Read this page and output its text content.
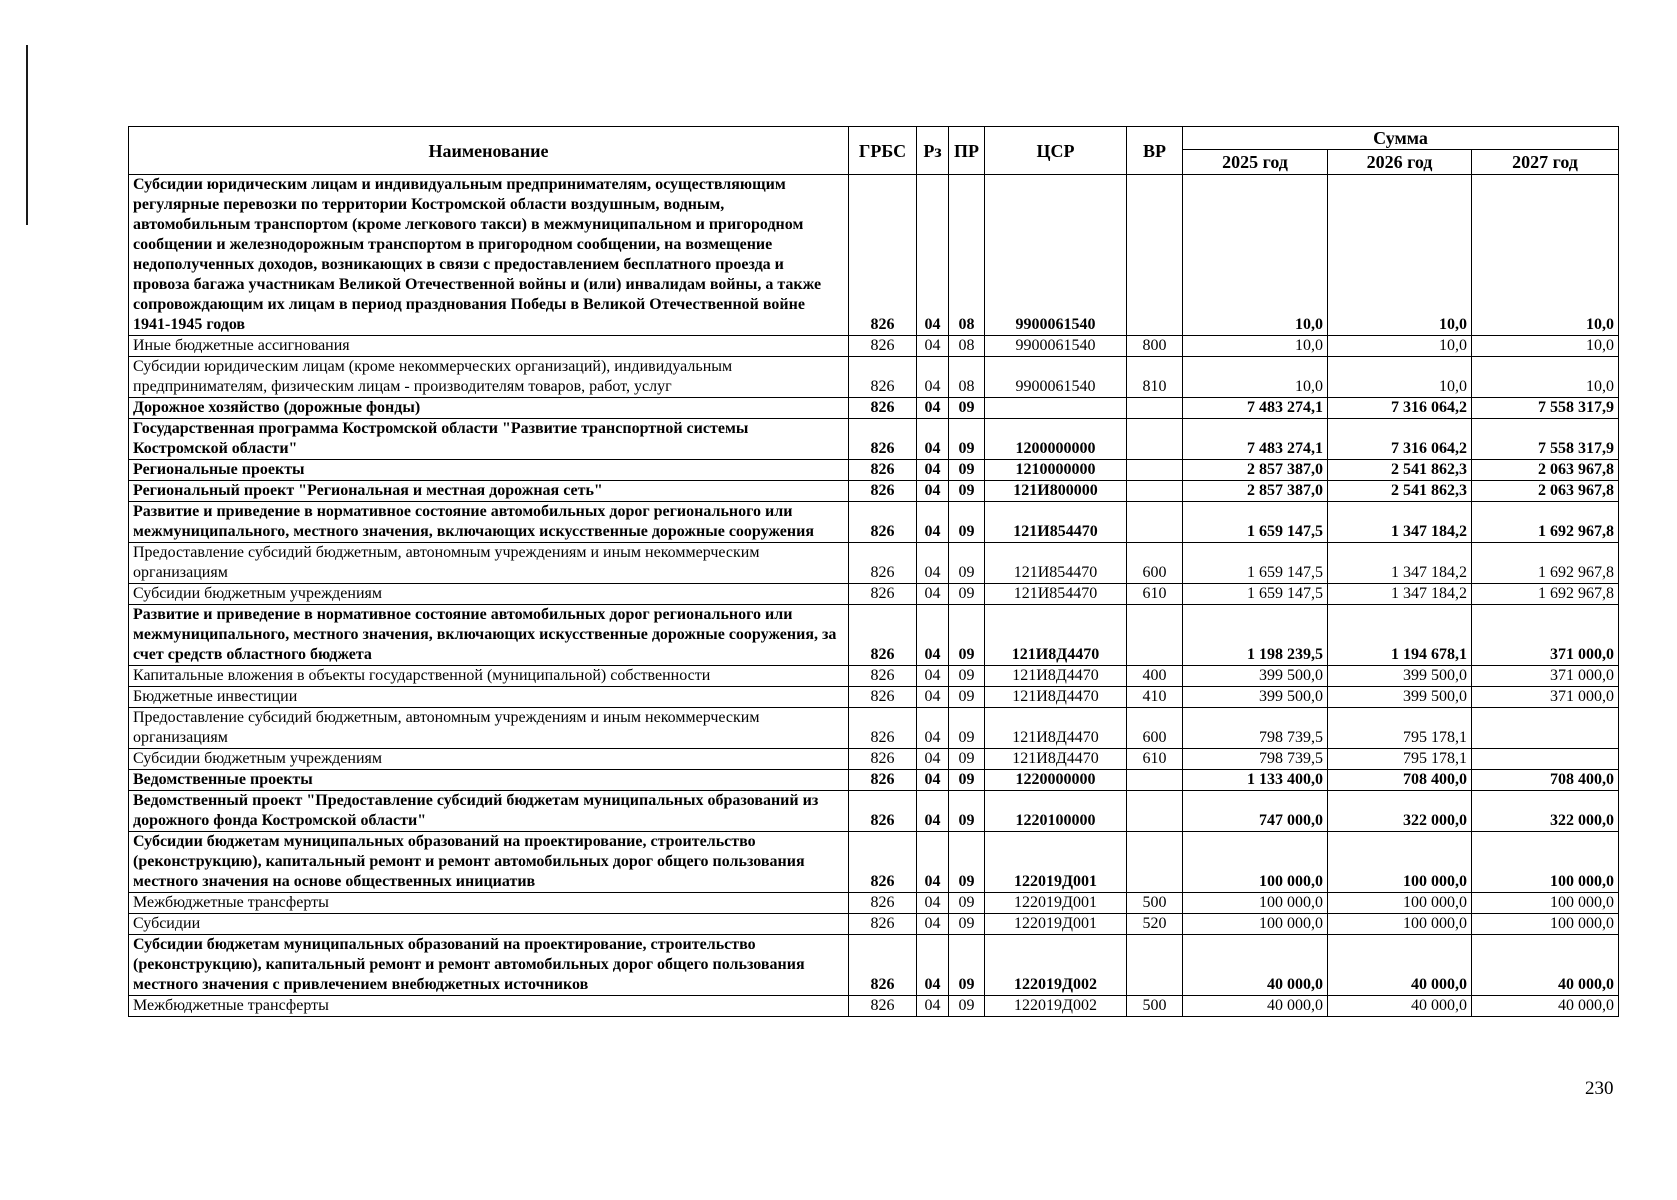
Наименование	ГРБС	Рз	ПР	ЦСР	ВР	Сумма		
						2025 год	2026 год	2027 год
Субсидии юридическим лицам и индивидуальным предпринимателям, осуществляющим регулярные перевозки по территории Костромской области воздушным, водным, автомобильным транспортом (кроме легкового такси) в межмуниципальном и пригородном сообщении и железнодорожным транспортом в пригородном сообщении, на возмещение недополученных доходов, возникающих в связи с предоставлением бесплатного проезда и провоза багажа участникам Великой Отечественной войны и (или) инвалидам войны, а также сопровождающим их лицам в период празднования Победы в Великой Отечественной войне 1941-1945 годов	826	04	08	9900061540		10,0	10,0	10,0
Иные бюджетные ассигнования	826	04	08	9900061540	800	10,0	10,0	10,0
Субсидии юридическим лицам (кроме некоммерческих организаций), индивидуальным предпринимателям, физическим лицам - производителям товаров, работ, услуг	826	04	08	9900061540	810	10,0	10,0	10,0
Дорожное хозяйство (дорожные фонды)	826	04	09			7 483 274,1	7 316 064,2	7 558 317,9
Государственная программа Костромской области "Развитие транспортной системы Костромской области"	826	04	09	1200000000		7 483 274,1	7 316 064,2	7 558 317,9
Региональные проекты	826	04	09	1210000000		2 857 387,0	2 541 862,3	2 063 967,8
Региональный проект "Региональная и местная дорожная сеть"	826	04	09	121И800000		2 857 387,0	2 541 862,3	2 063 967,8
Развитие и приведение в нормативное состояние автомобильных дорог регионального или межмуниципального, местного значения, включающих искусственные дорожные сооружения	826	04	09	121И854470		1 659 147,5	1 347 184,2	1 692 967,8
Предоставление субсидий бюджетным, автономным учреждениям и иным некоммерческим организациям	826	04	09	121И854470	600	1 659 147,5	1 347 184,2	1 692 967,8
Субсидии бюджетным учреждениям	826	04	09	121И854470	610	1 659 147,5	1 347 184,2	1 692 967,8
Развитие и приведение в нормативное состояние автомобильных дорог регионального или межмуниципального, местного значения, включающих искусственные дорожные сооружения, за счет средств областного бюджета	826	04	09	121И8Д4470		1 198 239,5	1 194 678,1	371 000,0
Капитальные вложения в объекты государственной (муниципальной) собственности	826	04	09	121И8Д4470	400	399 500,0	399 500,0	371 000,0
Бюджетные инвестиции	826	04	09	121И8Д4470	410	399 500,0	399 500,0	371 000,0
Предоставление субсидий бюджетным, автономным учреждениям и иным некоммерческим организациям	826	04	09	121И8Д4470	600	798 739,5	795 178,1	
Субсидии бюджетным учреждениям	826	04	09	121И8Д4470	610	798 739,5	795 178,1	
Ведомственные проекты	826	04	09	1220000000		1 133 400,0	708 400,0	708 400,0
Ведомственный проект "Предоставление субсидий бюджетам муниципальных образований из дорожного фонда Костромской области"	826	04	09	1220100000		747 000,0	322 000,0	322 000,0
Субсидии бюджетам муниципальных образований на проектирование, строительство (реконструкцию), капитальный ремонт и ремонт автомобильных дорог общего пользования местного значения на основе общественных инициатив	826	04	09	122019Д001		100 000,0	100 000,0	100 000,0
Межбюджетные трансферты	826	04	09	122019Д001	500	100 000,0	100 000,0	100 000,0
Субсидии	826	04	09	122019Д001	520	100 000,0	100 000,0	100 000,0
Субсидии бюджетам муниципальных образований на проектирование, строительство (реконструкцию), капитальный ремонт и ремонт автомобильных дорог общего пользования местного значения с привлечением внебюджетных источников	826	04	09	122019Д002		40 000,0	40 000,0	40 000,0
Межбюджетные трансферты	826	04	09	122019Д002	500	40 000,0	40 000,0	40 000,0
230
